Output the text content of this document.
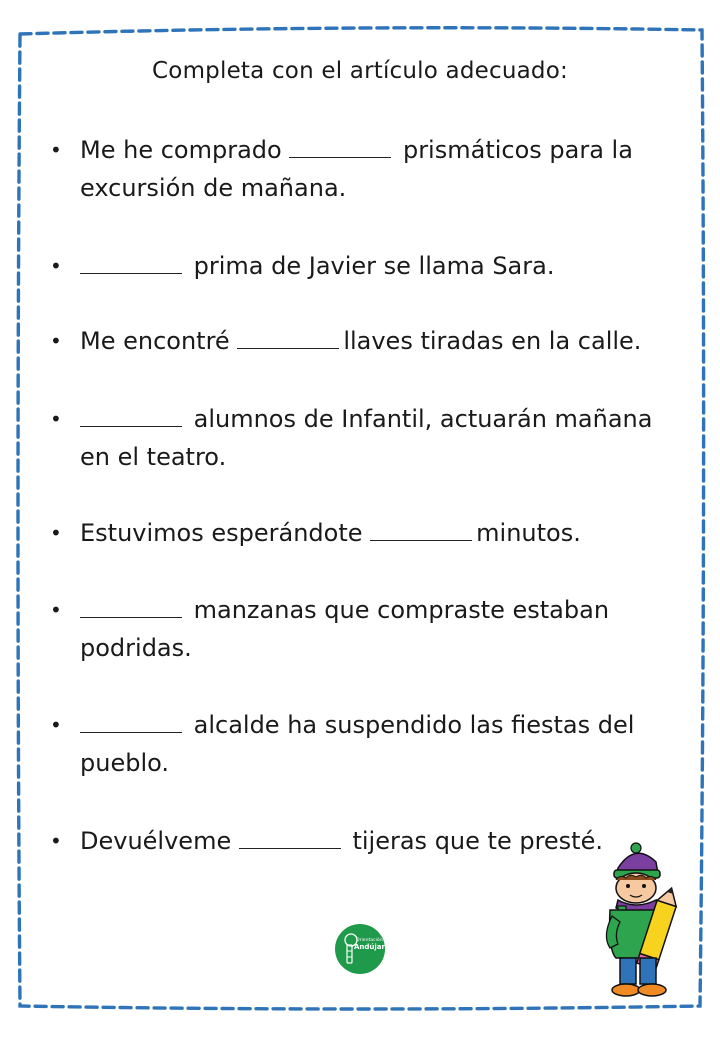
Completa con el artículo adecuado:
• Me he comprado	prismáticos para la excursión de mañana.
•	prima de Javier se llama Sara.
• Me encontré	llaves tiradas en la calle.
•	alumnos de Infantil, actuarán mañana en el teatro.
• Estuvimos esperándote	minutos.
•	manzanas que compraste estaban podridas.
•	alcalde ha suspendido las fiestas del pueblo.
• Devuélveme	tijeras que te presté.
Orientación
Andújar
